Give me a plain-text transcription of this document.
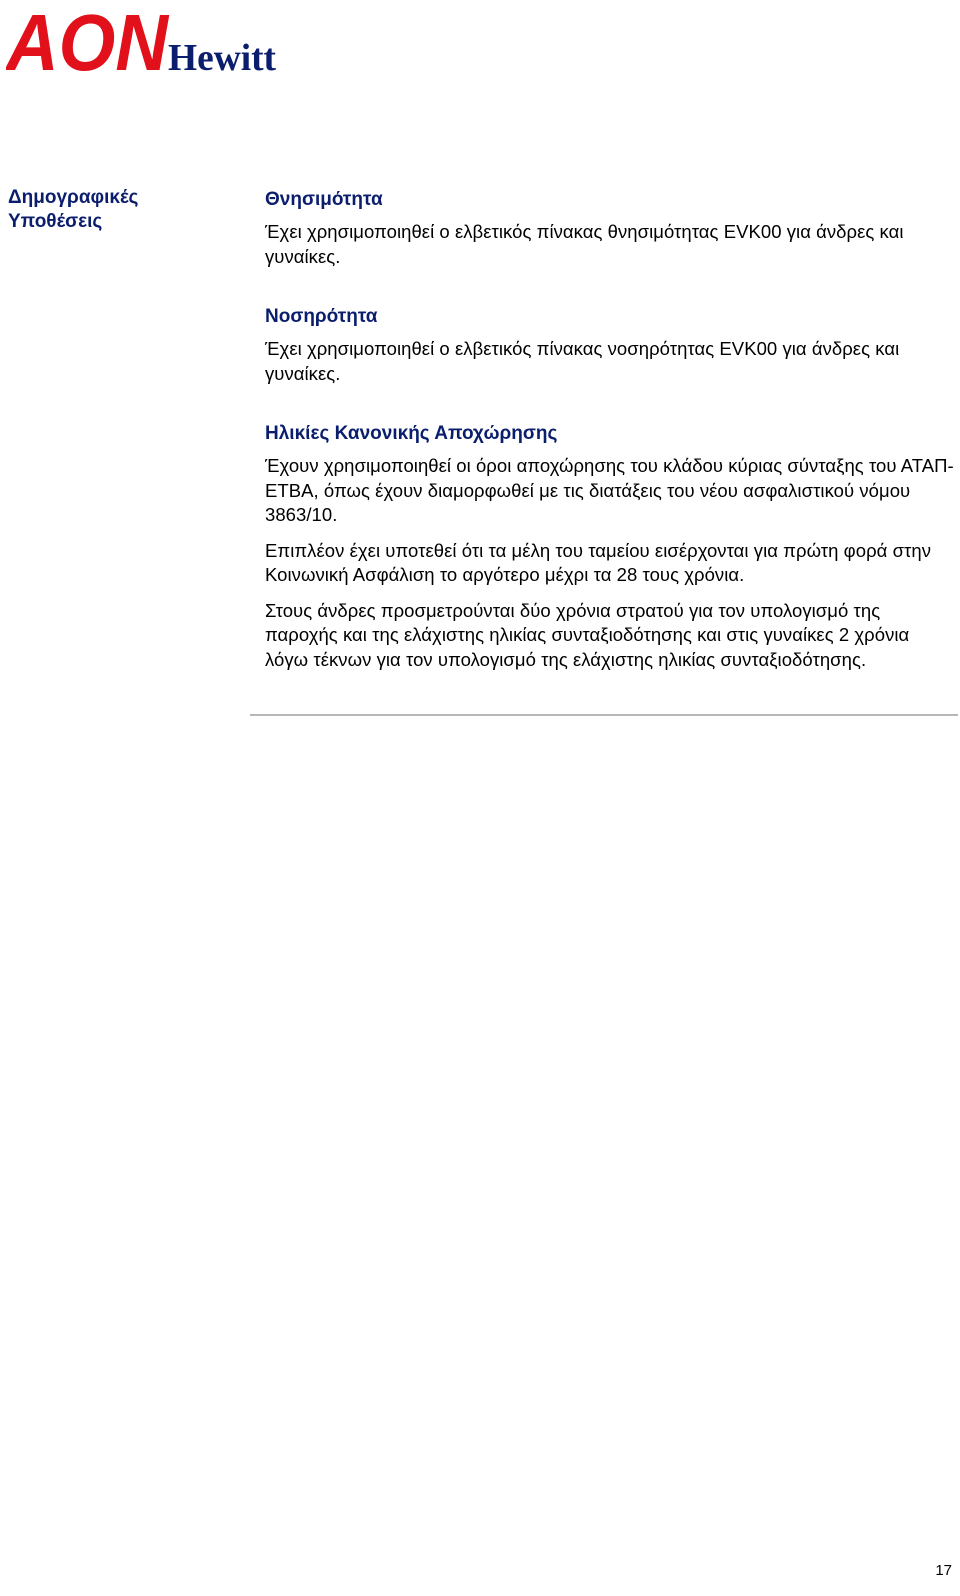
AON
Hewitt
Δημογραφικές Υποθέσεις
Θνησιμότητα

Έχει χρησιμοποιηθεί ο ελβετικός πίνακας θνησιμότητας EVK00 για άνδρες και γυναίκες.

Νοσηρότητα

Έχει χρησιμοποιηθεί ο ελβετικός πίνακας νοσηρότητας EVK00 για άνδρες και γυναίκες.

Ηλικίες Κανονικής Αποχώρησης

Έχουν χρησιμοποιηθεί οι όροι αποχώρησης του κλάδου κύριας σύνταξης του ΑΤΑΠ-ΕΤΒΑ, όπως έχουν διαμορφωθεί με τις διατάξεις του νέου ασφαλιστικού νόμου 3863/10.

Επιπλέον έχει υποτεθεί ότι τα μέλη του ταμείου εισέρχονται για πρώτη φορά στην Κοινωνική Ασφάλιση το αργότερο μέχρι τα 28 τους χρόνια.

Στους άνδρες προσμετρούνται δύο χρόνια στρατού για τον υπολογισμό της παροχής και της ελάχιστης ηλικίας συνταξιοδότησης και στις γυναίκες 2 χρόνια λόγω τέκνων για τον υπολογισμό της ελάχιστης ηλικίας συνταξιοδότησης.

17
